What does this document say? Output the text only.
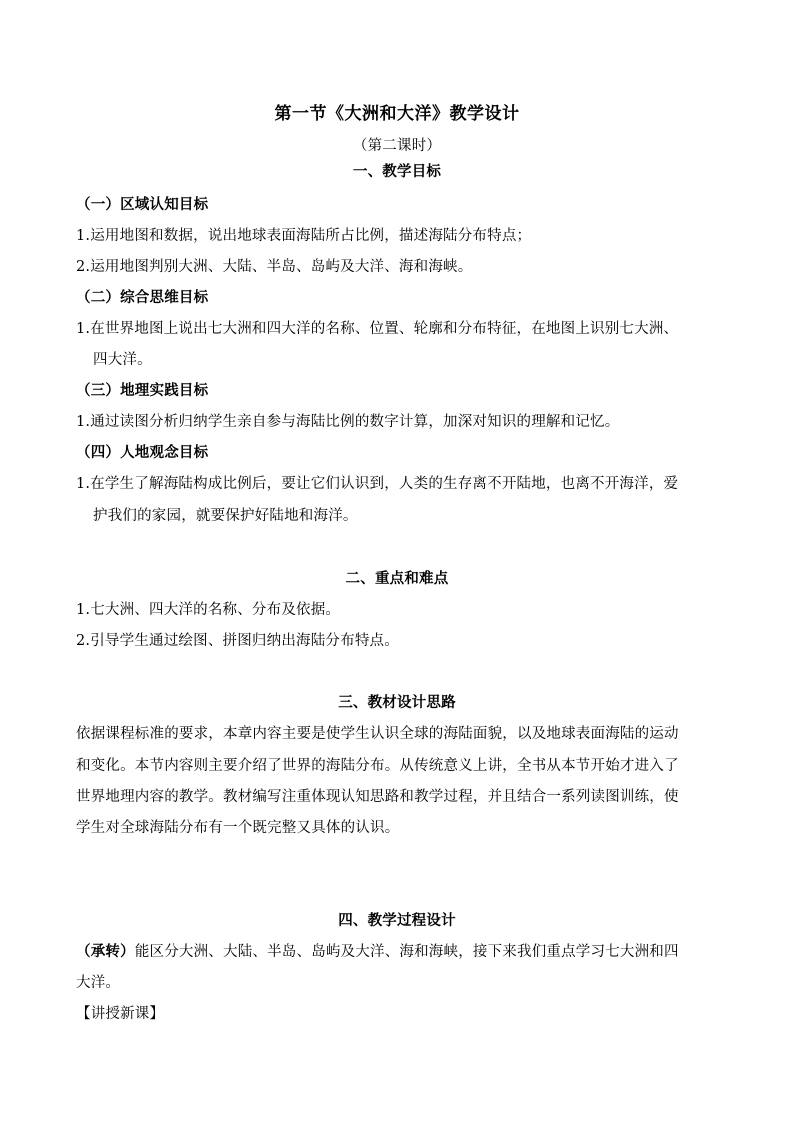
第一节《大洲和大洋》教学设计
（第二课时）
一、教学目标
（一）区域认知目标
1.运用地图和数据，说出地球表面海陆所占比例，描述海陆分布特点；
2.运用地图判别大洲、大陆、半岛、岛屿及大洋、海和海峡。
（二）综合思维目标
1.在世界地图上说出七大洲和四大洋的名称、位置、轮廓和分布特征，在地图上识别七大洲、
四大洋。
（三）地理实践目标
1.通过读图分析归纳学生亲自参与海陆比例的数字计算，加深对知识的理解和记忆。
（四）人地观念目标
1.在学生了解海陆构成比例后，要让它们认识到，人类的生存离不开陆地，也离不开海洋，爱
护我们的家园，就要保护好陆地和海洋。
二、重点和难点
1.七大洲、四大洋的名称、分布及依据。
2.引导学生通过绘图、拼图归纳出海陆分布特点。
三、教材设计思路
依据课程标准的要求，本章内容主要是使学生认识全球的海陆面貌，以及地球表面海陆的运动
和变化。本节内容则主要介绍了世界的海陆分布。从传统意义上讲，全书从本节开始才进入了
世界地理内容的教学。教材编写注重体现认知思路和教学过程，并且结合一系列读图训练，使
学生对全球海陆分布有一个既完整又具体的认识。
四、教学过程设计
（承转）能区分大洲、大陆、半岛、岛屿及大洋、海和海峡，接下来我们重点学习七大洲和四
大洋。
【讲授新课】
